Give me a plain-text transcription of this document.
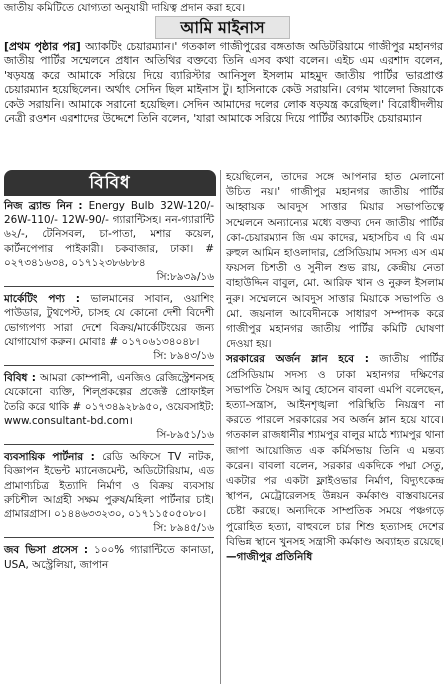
জাতীয় কমিটিতে যোগ্যতা অনুযায়ী দায়িত্ব প্রদান করা হবে।
আমি মাইনাস
[প্রথম পৃষ্ঠার পর] অ্যাকটিং চেয়ারম্যান।' গতকাল গাজীপুরের বঙ্গতাজ অডিটরিয়ামে গাজীপুর মহানগর জাতীয় পার্টির সম্মেলনে প্রধান অতিথির বক্তব্যে তিনি এসব কথা বলেন। এইচ এম এরশাদ বলেন, 'ষড়যন্ত্র করে আমাকে সরিয়ে দিয়ে ব্যারিস্টার আনিসুল ইসলাম মাহমুদ জাতীয় পার্টির ভারপ্রাপ্ত চেয়ারম্যান হয়েছিলেন। অর্থাৎ সেদিন ছিল মাইনাস টু। হাসিনাকে কেউ সরায়নি। বেগম খালেদা জিয়াকে কেউ সরায়নি। আমাকে সরানো হয়েছিল। সেদিন আমাদের দলের লোক ষড়যন্ত্র করেছিল।' বিরোধীদলীয় নেত্রী রওশন এরশাদের উদ্দেশে তিনি বলেন, 'যারা আমাকে সরিয়ে দিয়ে পার্টির অ্যাকটিং চেয়ারম্যান
বিবিধ

নিজ ব্র্যান্ড নিন : Energy Bulb 32W-120/- 26W-110/- 12W-90/- গ্যারান্টিসহ। নন-গ্যারান্টি ৬২/-, টেনিসবল, চা-পাতা, মশার কয়েল, কার্টনপেপার পাইকারী। চকবাজার, ঢাকা। # ০২৭৩৪১৬৩৪, ০১৭১২৩৮৬৮৮৪

সি:৮৯৩৯/১৬

মার্কেটিং পণ্য : ভালমানের সাবান, ওয়াশিং পাউডার, টুথপেস্ট, চাসহ যে কোনো দেশী বিদেশী ভোগ্যপণ্য সারা দেশে বিক্রয়/মার্কেটিংয়ের জন্য যোগাযোগ করুন। মোবাঃ # ০১৭০৬১৩৪০৪৮।

সি: ৮৯৪৩/১৬

বিবিধ : আমরা কোম্পানী, এনজিও রেজিস্ট্রেশনসহ যেকোনো ব্যক্তি, শিল্প্রকল্পের প্রজেক্ট প্রোফাইল তৈরি করে থাকি # ০১৭৩৪৯২৮৯৫০, ওয়েবসাইট: www.consultant-bd.com।

সি-৮৯৫১/১৬

ব্যবসায়িক পার্টনার : রেডি অফিসে TV নাটক, বিজ্ঞাপন ইভেন্ট ম্যানেজমেন্ট, অডিটোরিয়াম, এড প্রামাণ্যচিত্র ইত্যাদি নির্মাণ ও বিক্রয় ব্যবসায় রুচিশীল আগ্রহী সক্ষম পুরুষ/মহিলা পার্টনার চাই। গ্রামারগ্রাস। ০১৪৪৬৩৩২৩০, ০১৭১১৫০৫০৮০।

সি: ৮৯৪৫/১৬

জব ভিসা প্রসেস : ১০০% গ্যারান্টিতে কানাডা, USA, অস্ট্রেলিয়া, জাপান

হয়েছিলেন, তাদের সঙ্গে আপনার হাত মেলানো উচিত নয়।' গাজীপুর মহানগর জাতীয় পার্টির আহ্বায়ক আবদুস সাত্তার মিয়ার সভাপতিত্বে সম্মেলনে অন্যান্যের মধ্যে বক্তব্য দেন জাতীয় পার্টির কো-চেয়ারম্যান জি এম কাদের, মহাসচিব এ বি এম রুহুল আমিন হাওলাদার, প্রেসিডিয়াম সদস্য এস এম ফয়সল চিশতী ও সুনীল শুভ রায়, কেন্দ্রীয় নেতা বাহাউদ্দিন বাবুল, মো. আরিফ খান ও নুরুল ইসলাম নুরু। সম্মেলনে আবদুস সাত্তার মিয়াকে সভাপতি ও মো. জয়নাল আবেদীনকে সাধারণ সম্পাদক করে গাজীপুর মহানগর জাতীয় পার্টির কমিটি ঘোষণা দেওয়া হয়।

সরকারের অর্জন ম্লান হবে : জাতীয় পার্টির প্রেসিডিয়াম সদস্য ও ঢাকা মহানগর দক্ষিণের সভাপতি সৈয়দ আবু হোসেন বাবলা এমপি বলেছেন, হত্যা-সন্ত্রাস, আইনশৃঙ্খলা পরিস্থিতি নিয়ন্ত্রণ না করতে পারলে সরকারের সব অর্জন ম্লান হয়ে যাবে। গতকাল রাজধানীর শ্যামপুর বালুর মাঠে শ্যামপুর থানা জাপা আয়োজিত এক কর্মিসভায় তিনি এ মন্তব্য করেন। বাবলা বলেন, সরকার একদিকে পদ্মা সেতু, একটার পর একটা ফ্লাইওভার নির্মাণ, বিদ্যুৎকেন্দ্র স্থাপন, মেট্রোরেলসহ উন্নয়ন কর্মকাণ্ড বাস্তবায়নের চেষ্টা করছে। অন্যদিকে সাম্প্রতিক সময়ে পঞ্চগড়ে পুরোহিত হত্যা, বাহুবলে চার শিশু হত্যাসহ দেশের বিভিন্ন স্থানে খুনসহ সন্ত্রাসী কর্মকাণ্ড অব্যাহত রয়েছে। —গাজীপুর প্রতিনিধি
